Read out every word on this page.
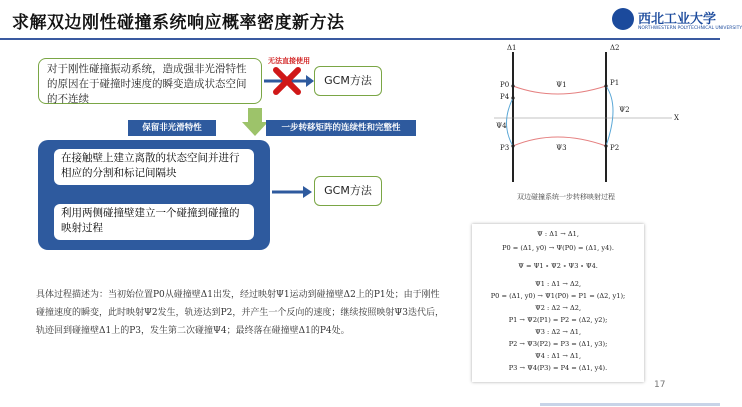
求解双边刚性碰撞系统响应概率密度新方法	西北工业大学
NORTHWESTERN POLYTECHNICAL UNIVERSITY
对于刚性碰撞振动系统，造成强非光滑特性的原因在于碰撞时速度的瞬变造成状态空间的不连续
无法直接使用
GCM方法
保留非光滑特性	一步转移矩阵的连续性和完整性
在接触壁上建立离散的状态空间并进行相应的分割和标记间隔块
利用两侧碰撞壁建立一个碰撞到碰撞的映射过程
GCM方法
具体过程描述为：当初始位置P0从碰撞壁Δ1出发，经过映射Ψ1运动到碰撞壁Δ2上的P1处；由于刚性碰撞速度的瞬变，此时映射Ψ2发生，轨迹达到P2，并产生一个反向的速度；继续按照映射Ψ3迭代后，轨迹回到碰撞壁Δ1上的P3，发生第二次碰撞Ψ4；最终落在碰撞壁Δ1的P4处。
Δ1	Δ2
P0
P4
P3
P1
P2
Ψ1
Ψ2
Ψ3
Ψ4
X
双边碰撞系统一步转移映射过程
Ψ : Δ1 → Δ1,
P0 = (Δ1, y0) → Ψ(P0) = (Δ1, y4).
Ψ = Ψ1 ∘ Ψ2 ∘ Ψ3 ∘ Ψ4.
Ψ1 : Δ1 → Δ2,
P0 = (Δ1, y0) → Ψ1(P0) = P1 = (Δ2, y1);
Ψ2 : Δ2 → Δ2,
P1 → Ψ2(P1) = P2 = (Δ2, y2);
Ψ3 : Δ2 → Δ1,
P2 → Ψ3(P2) = P3 = (Δ1, y3);
Ψ4 : Δ1 → Δ1,
P3 → Ψ4(P3) = P4 = (Δ1, y4).
17
